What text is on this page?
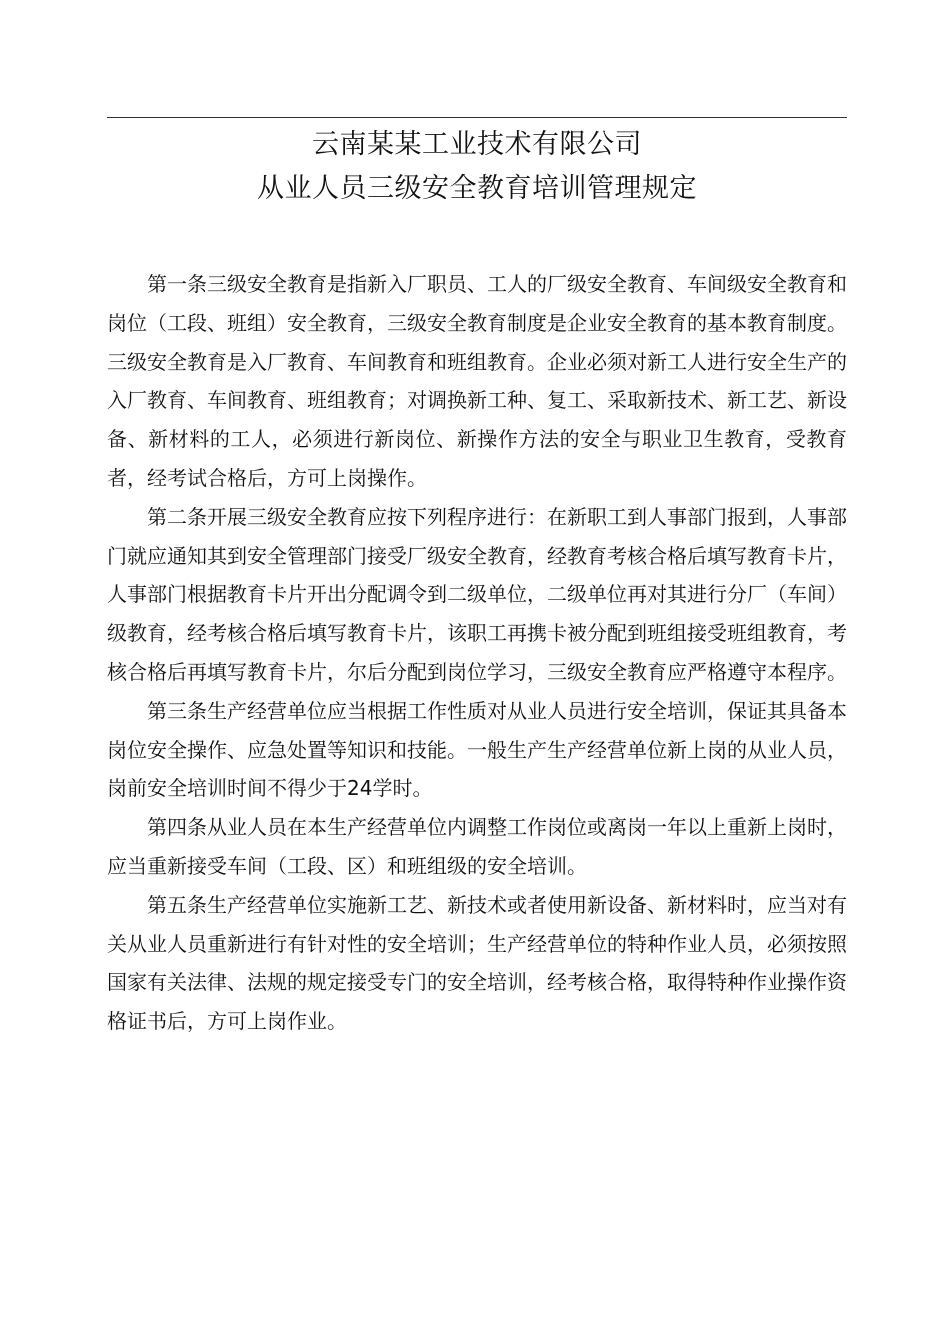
云南某某工业技术有限公司
从业人员三级安全教育培训管理规定

第一条三级安全教育是指新入厂职员、工人的厂级安全教育、车间级安全教育和岗位（工段、班组）安全教育，三级安全教育制度是企业安全教育的基本教育制度。三级安全教育是入厂教育、车间教育和班组教育。企业必须对新工人进行安全生产的入厂教育、车间教育、班组教育；对调换新工种、复工、采取新技术、新工艺、新设备、新材料的工人，必须进行新岗位、新操作方法的安全与职业卫生教育，受教育者，经考试合格后，方可上岗操作。

第二条开展三级安全教育应按下列程序进行：在新职工到人事部门报到，人事部门就应通知其到安全管理部门接受厂级安全教育，经教育考核合格后填写教育卡片，人事部门根据教育卡片开出分配调令到二级单位，二级单位再对其进行分厂（车间）级教育，经考核合格后填写教育卡片，该职工再携卡被分配到班组接受班组教育，考核合格后再填写教育卡片，尔后分配到岗位学习，三级安全教育应严格遵守本程序。

第三条生产经营单位应当根据工作性质对从业人员进行安全培训，保证其具备本岗位安全操作、应急处置等知识和技能。一般生产生产经营单位新上岗的从业人员，岗前安全培训时间不得少于24学时。

第四条从业人员在本生产经营单位内调整工作岗位或离岗一年以上重新上岗时，应当重新接受车间（工段、区）和班组级的安全培训。

第五条生产经营单位实施新工艺、新技术或者使用新设备、新材料时，应当对有关从业人员重新进行有针对性的安全培训；生产经营单位的特种作业人员，必须按照国家有关法律、法规的规定接受专门的安全培训，经考核合格，取得特种作业操作资格证书后，方可上岗作业。
